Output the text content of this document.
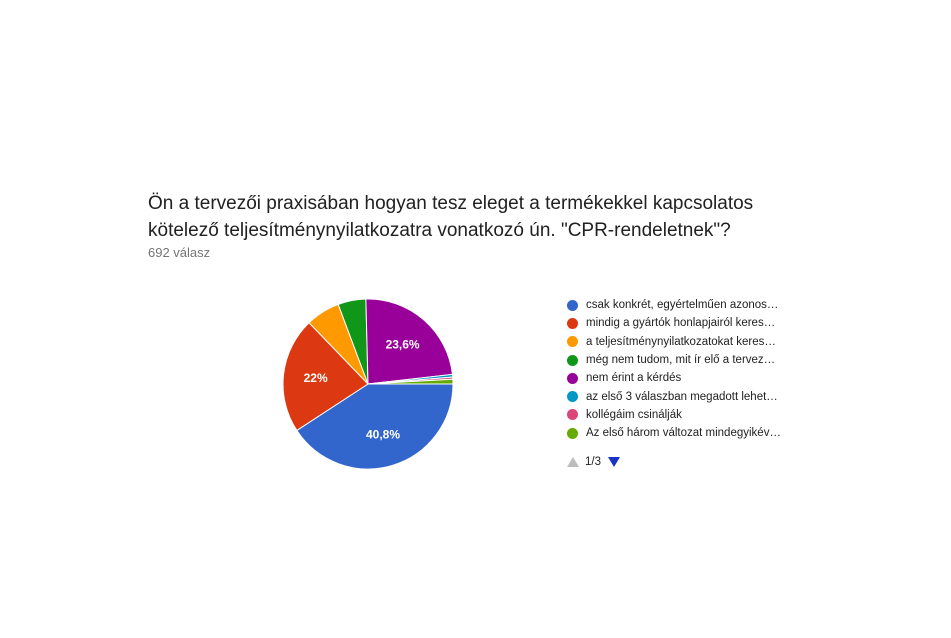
Ön a tervezői praxisában hogyan tesz eleget a termékekkel kapcsolatos kötelező teljesítménynyilatkozatra vonatkozó ún. "CPR-rendeletnek"?
692 válasz
40,8%
22%
23,6%
csak konkrét, egyértelműen azonos…
mindig a gyártók honlapjairól keres…
a teljesítménynyilatkozatokat keres…
még nem tudom, mit ír elő a tervez…
nem érint a kérdés
az első 3 válaszban megadott lehet…
kollégáim csinálják
Az első három változat mindegyikév…
1/3
